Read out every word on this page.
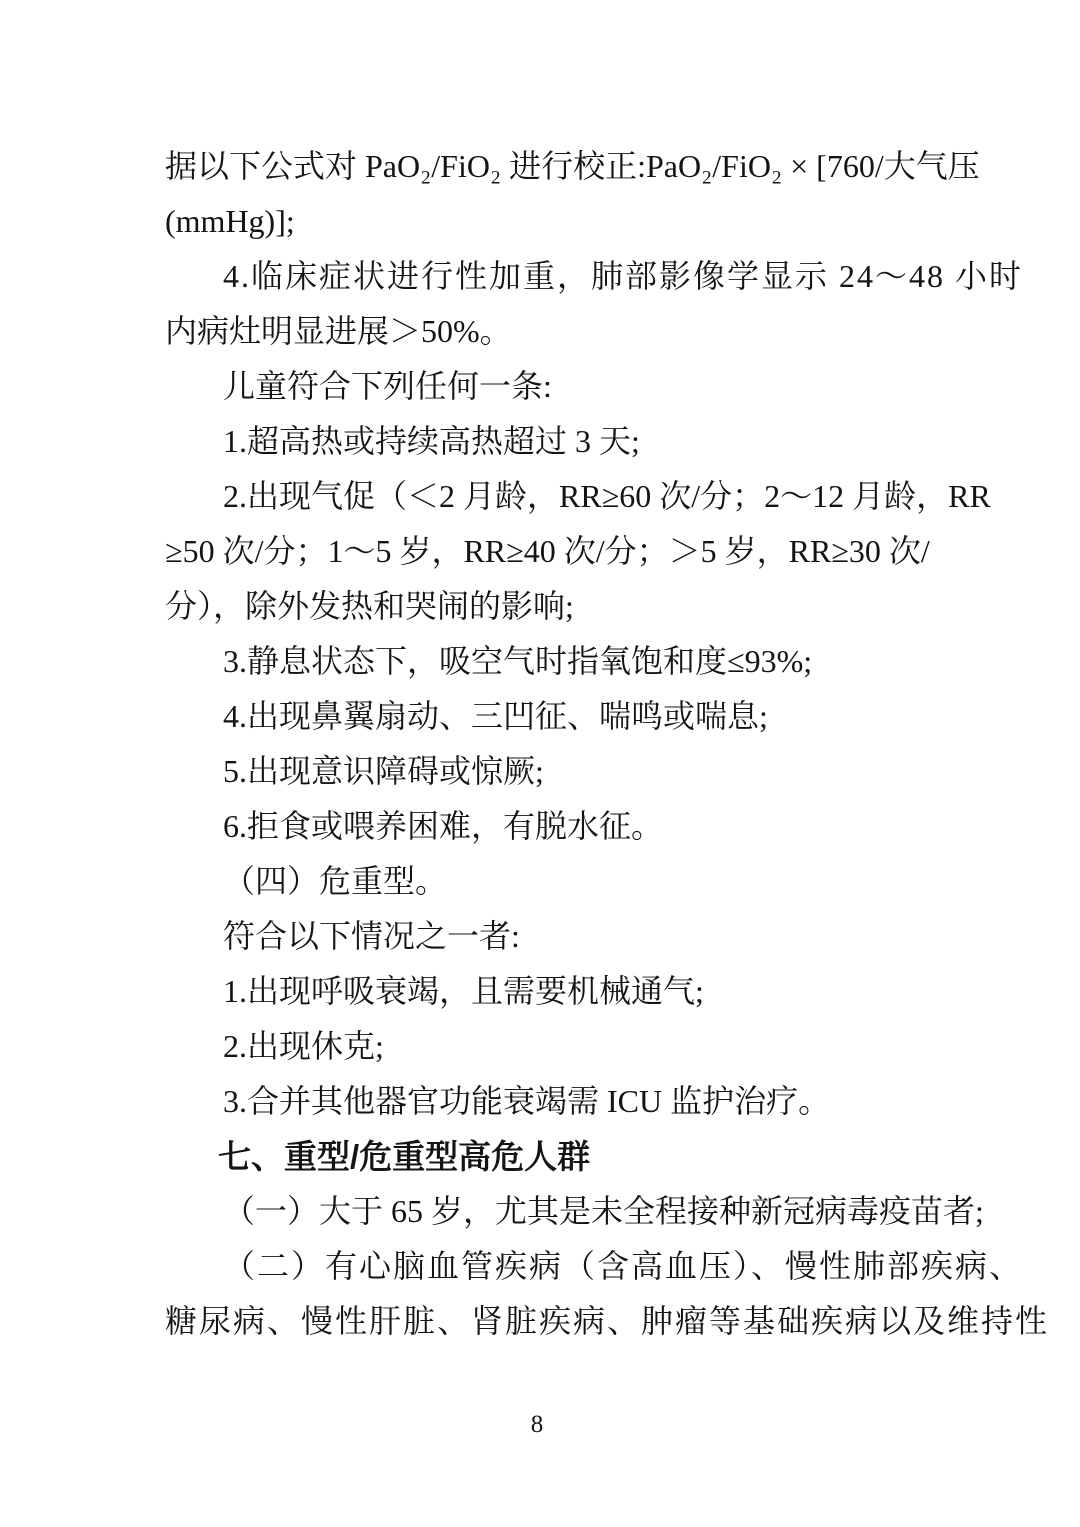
据以下公式对 PaO₂/FiO₂ 进行校正:PaO₂/FiO₂ × [760/大气压
(mmHg)];
4.临床症状进行性加重，肺部影像学显示 24～48 小时
内病灶明显进展＞50%。
儿童符合下列任何一条:
1.超高热或持续高热超过 3 天;
2.出现气促（＜2 月龄，RR≥60 次/分；2～12 月龄，RR
≥50 次/分；1～5 岁，RR≥40 次/分；＞5 岁，RR≥30 次/
分），除外发热和哭闹的影响;
3.静息状态下，吸空气时指氧饱和度≤93%;
4.出现鼻翼扇动、三凹征、喘鸣或喘息;
5.出现意识障碍或惊厥;
6.拒食或喂养困难，有脱水征。
（四）危重型。
符合以下情况之一者:
1.出现呼吸衰竭，且需要机械通气;
2.出现休克;
3.合并其他器官功能衰竭需 ICU 监护治疗。
七、重型/危重型高危人群
（一）大于 65 岁，尤其是未全程接种新冠病毒疫苗者;
（二）有心脑血管疾病（含高血压）、慢性肺部疾病、
糖尿病、慢性肝脏、肾脏疾病、肿瘤等基础疾病以及维持性
8
